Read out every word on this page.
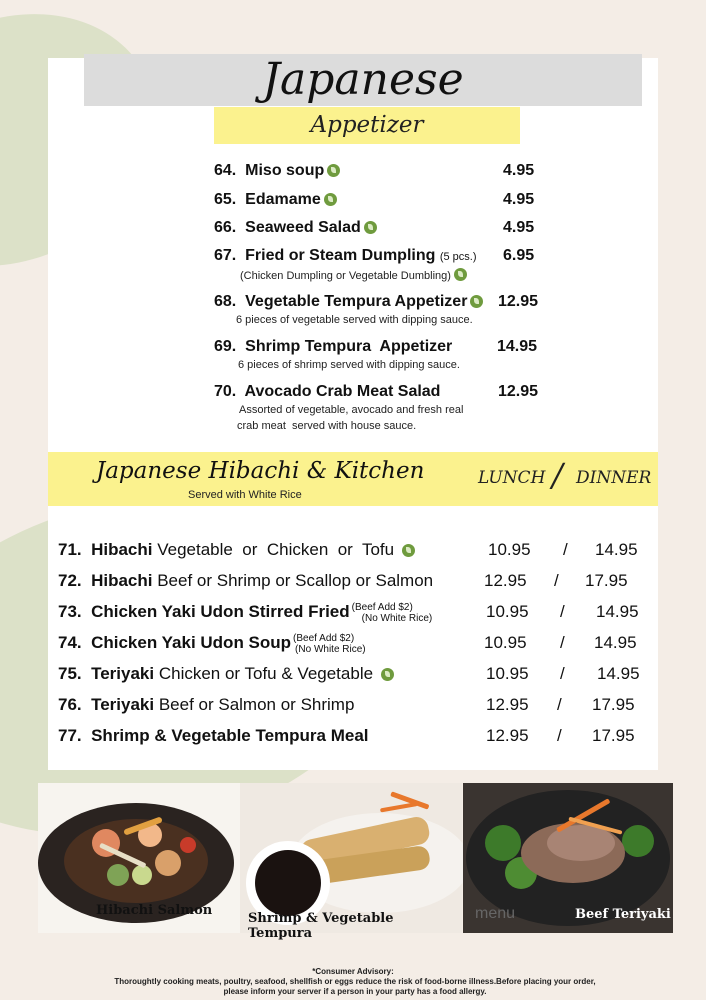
Japanese
Appetizer
64. Miso soup	4.95
65. Edamame	4.95
66. Seaweed Salad	4.95
67. Fried or Steam Dumpling (5 pcs.) 6.95
(Chicken Dumpling or Vegetable Dumbling)
68. Vegetable Tempura Appetizer	12.95
6 pieces of vegetable served with dipping sauce.
69. Shrimp Tempura  Appetizer	14.95
6 pieces of shrimp served with dipping sauce.
70. Avocado Crab Meat Salad	12.95
Assorted of vegetable, avocado and fresh real
crab meat  served with house sauce.
Japanese Hibachi & Kitchen
Served with White Rice
LUNCH / DINNER
71. Hibachi Vegetable  or  Chicken  or  Tofu	10.95 / 14.95
72. Hibachi Beef or Shrimp or Scallop or Salmon	12.95 / 17.95
73. Chicken Yaki Udon Stirred Fried (Beef Add $2)
(No White Rice)	10.95 / 14.95
74. Chicken Yaki Udon Soup (Beef Add $2)
(No White Rice)	10.95 / 14.95
75. Teriyaki Chicken or Tofu & Vegetable	10.95 / 14.95
76. Teriyaki Beef or Salmon or Shrimp	12.95 / 17.95
77. Shrimp & Vegetable Tempura Meal	12.95 / 17.95
Hibachi Salmon
Shrimp & Vegetable Tempura
menu	Beef Teriyaki
*Consumer Advisory:
Thoroughtly cooking meats, poultry, seafood, shellfish or eggs reduce the risk of food-borne illness.Before placing your order, please inform your server if a person in your party has a food allergy.
